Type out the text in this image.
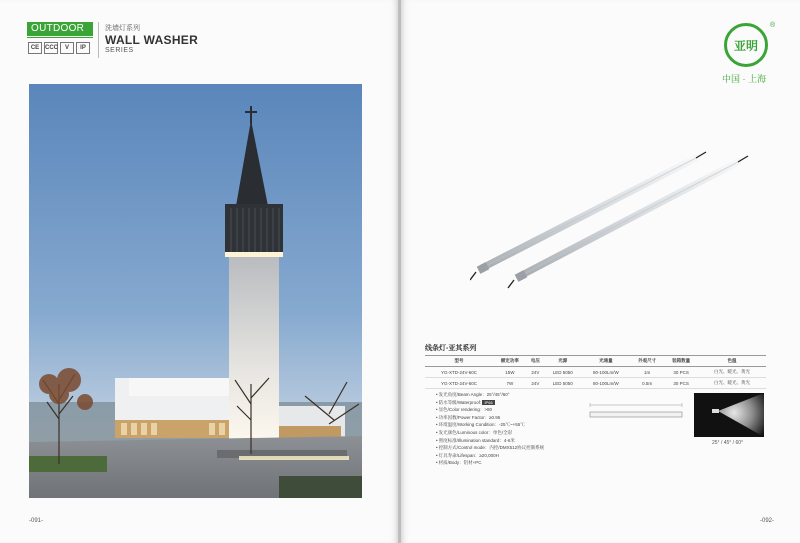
OUTDOOR
CE CCC	V	IP
洗墙灯系列
WALL WASHER
SERIES
-091-
亚明
®
中国 · 上海
线条灯-亚其系列
型号	额定功率	电压	光源	光通量	外观尺寸	装箱数量	色温
YG-XTD-24V-60C	15W	24V	LED 5050	80-100Lm/W	1m	30 PCS	白光、暖光、黄光
YG-XTD-24V-60C	7W	24V	LED 5050	80-100Lm/W	0.5m	30 PCS	白光、暖光、黄光
• 发光角度/Beam Angle：25°/45°/60°
• 防水等级/Waterproof: IP66
• 显色/Color rendering：>80
• 功率因数/Power Factor：≥0.95
• 环境温度/Working Condition：-25℃~+55℃
• 发光颜色/Luminous color：单色/全彩
• 照度标准/Illumination standard：4-6米
• 控制方式/Control mode：内控/DMX512协议控制系统
• 灯具寿命/Lifespan：≥20,000H
• 材质/Body：铝材+PC
25° / 45° / 60°
-092-
